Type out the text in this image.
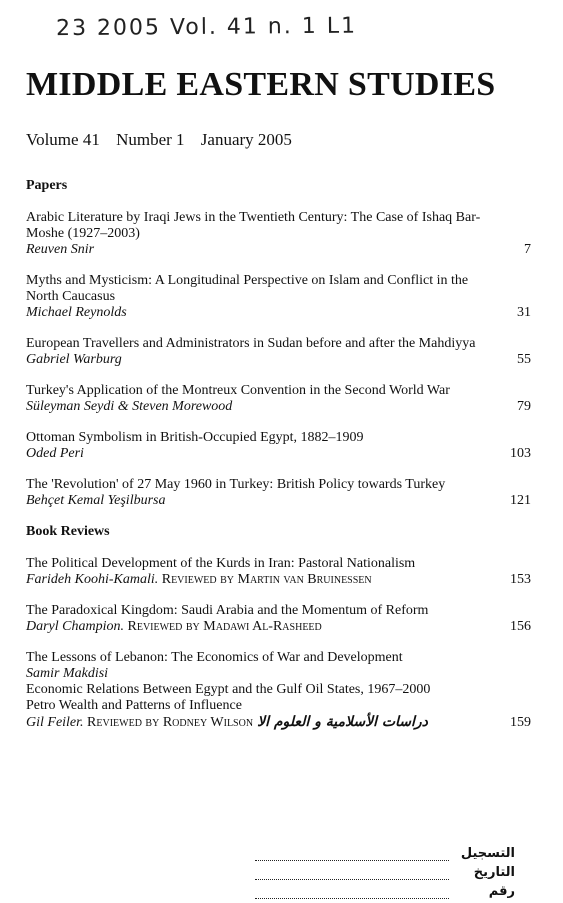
23 2005 Vol. 41 n. 1 L1
MIDDLE EASTERN STUDIES
Volume 41 Number 1 January 2005
Papers
Arabic Literature by Iraqi Jews in the Twentieth Century: The Case of Ishaq Bar-Moshe (1927–2003)
Reuven Snir	7
Myths and Mysticism: A Longitudinal Perspective on Islam and Conflict in the North Caucasus
Michael Reynolds	31
European Travellers and Administrators in Sudan before and after the Mahdiyya
Gabriel Warburg	55
Turkey's Application of the Montreux Convention in the Second World War
Süleyman Seydi & Steven Morewood	79
Ottoman Symbolism in British-Occupied Egypt, 1882–1909
Oded Peri	103
The 'Revolution' of 27 May 1960 in Turkey: British Policy towards Turkey
Behçet Kemal Yeşilbursa	121
Book Reviews
The Political Development of the Kurds in Iran: Pastoral Nationalism
Farideh Koohi-Kamali. Reviewed by Martin van Bruinessen	153
The Paradoxical Kingdom: Saudi Arabia and the Momentum of Reform
Daryl Champion. Reviewed by Madawi Al-Rasheed	156
The Lessons of Lebanon: The Economics of War and Development
Samir Makdisi
Economic Relations Between Egypt and the Gulf Oil States, 1967–2000
Petro Wealth and Patterns of Influence
Gil Feiler. Reviewed by Rodney Wilson دراسات الأسلامية و العلوم الا	159
التسجيل
التاريخ
رقم
